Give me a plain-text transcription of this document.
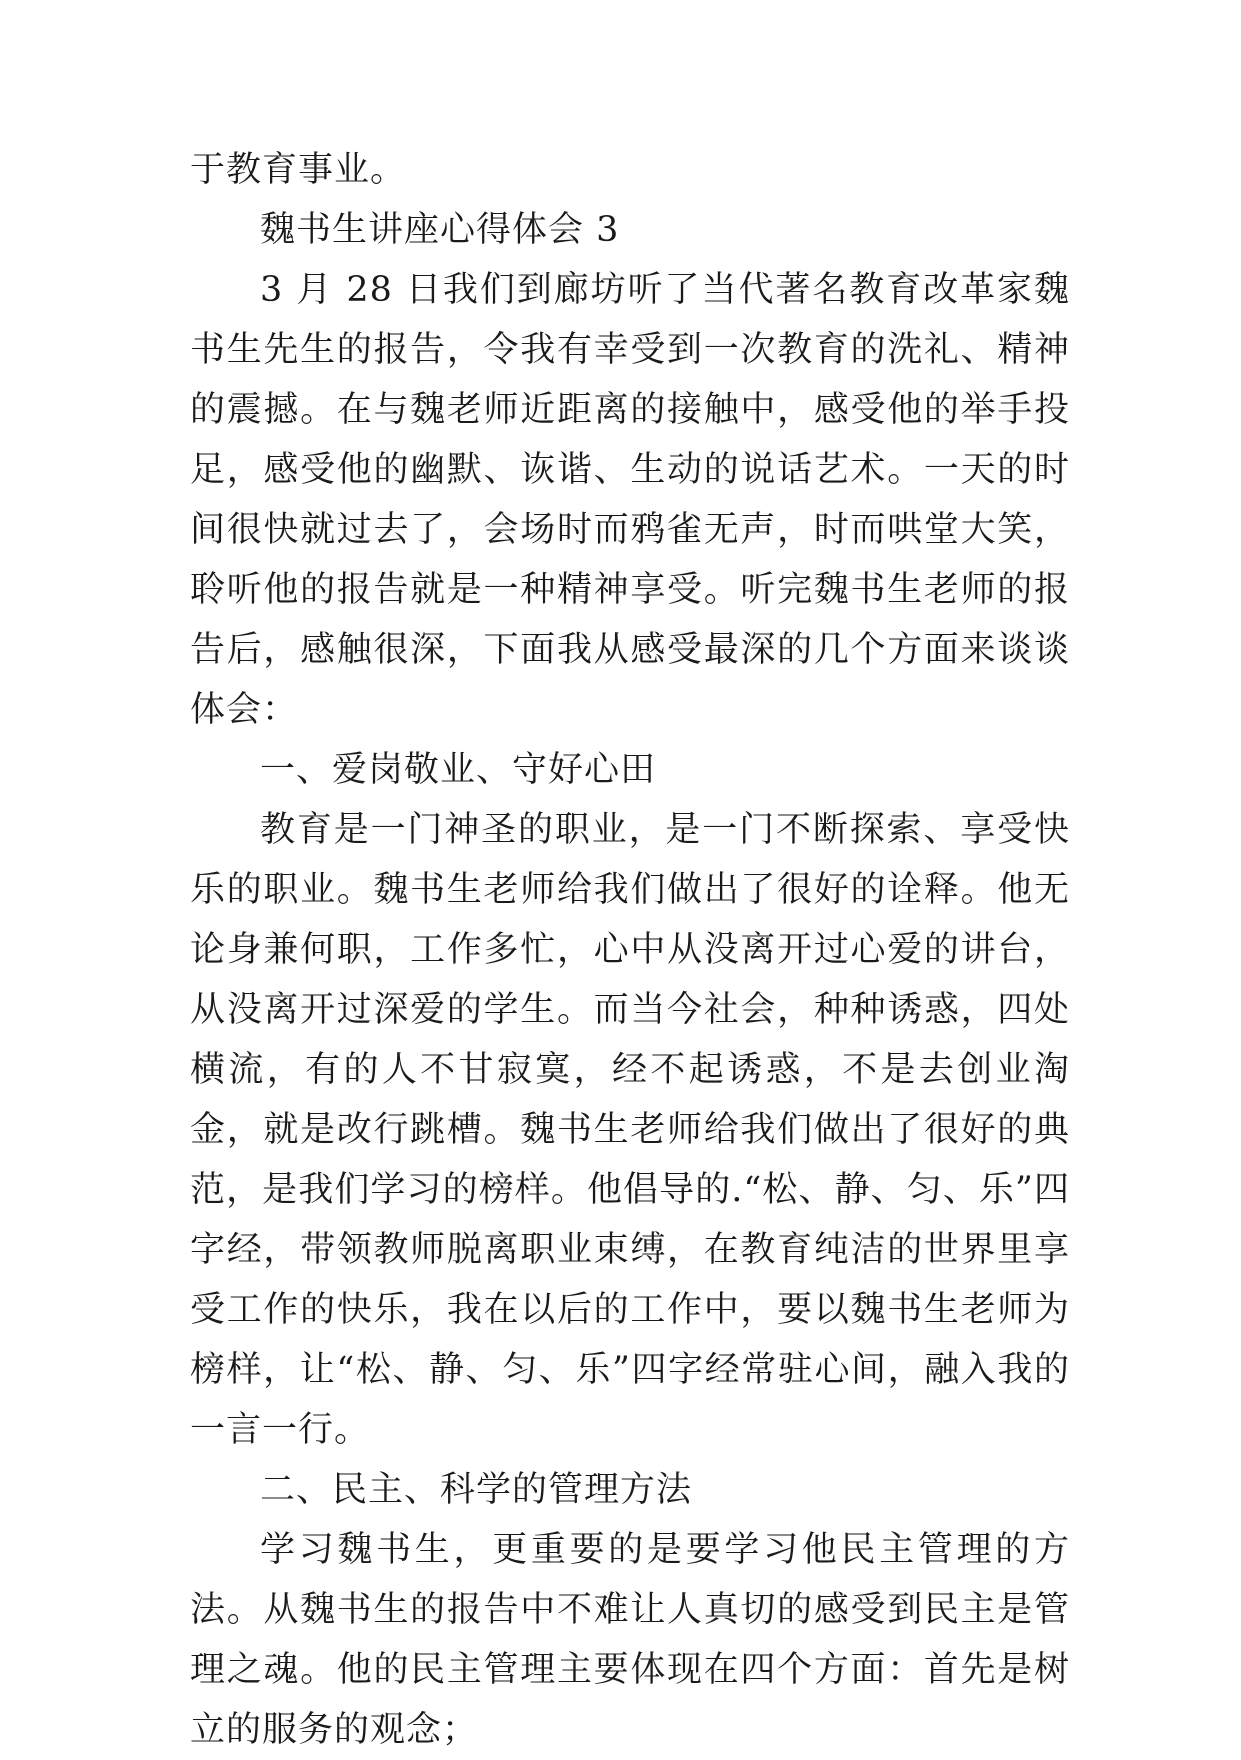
于教育事业。

魏书生讲座心得体会 3

3 月 28 日我们到廊坊听了当代著名教育改革家魏书生先生的报告，令我有幸受到一次教育的洗礼、精神的震撼。在与魏老师近距离的接触中，感受他的举手投足，感受他的幽默、诙谐、生动的说话艺术。一天的时间很快就过去了，会场时而鸦雀无声，时而哄堂大笑，聆听他的报告就是一种精神享受。听完魏书生老师的报告后，感触很深，下面我从感受最深的几个方面来谈谈体会：

一、爱岗敬业、守好心田

教育是一门神圣的职业，是一门不断探索、享受快乐的职业。魏书生老师给我们做出了很好的诠释。他无论身兼何职，工作多忙，心中从没离开过心爱的讲台，从没离开过深爱的学生。而当今社会，种种诱惑，四处横流，有的人不甘寂寞，经不起诱惑，不是去创业淘金，就是改行跳槽。魏书生老师给我们做出了很好的典范，是我们学习的榜样。他倡导的.“松、静、匀、乐”四字经，带领教师脱离职业束缚，在教育纯洁的世界里享受工作的快乐，我在以后的工作中，要以魏书生老师为榜样，让“松、静、匀、乐”四字经常驻心间，融入我的一言一行。

二、民主、科学的管理方法

学习魏书生，更重要的是要学习他民主管理的方法。从魏书生的报告中不难让人真切的感受到民主是管理之魂。他的民主管理主要体现在四个方面：首先是树立的服务的观念；
